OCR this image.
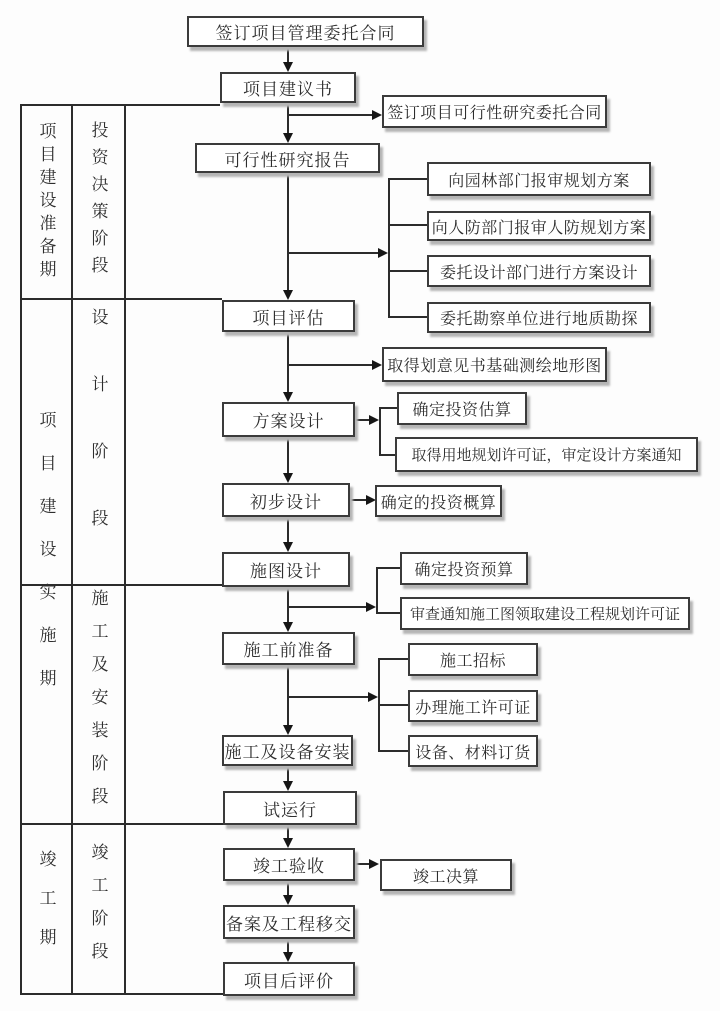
项目建设准备期
项目建设实施期
竣工期
投资决策阶段
设计阶段
施工及安装阶段
竣工阶段
签订项目管理委托合同
项目建议书
可行性研究报告
项目评估
方案设计
初步设计
施图设计
施工前准备
施工及设备安装
试运行
竣工验收
备案及工程移交
项目后评价
签订项目可行性研究委托合同
向园林部门报审规划方案
向人防部门报审人防规划方案
委托设计部门进行方案设计
委托勘察单位进行地质勘探
取得划意见书基础测绘地形图
确定投资估算
取得用地规划许可证，审定设计方案通知
确定的投资概算
确定投资预算
审查通知施工图领取建设工程规划许可证
施工招标
办理施工许可证
设备、材料订货
竣工决算
